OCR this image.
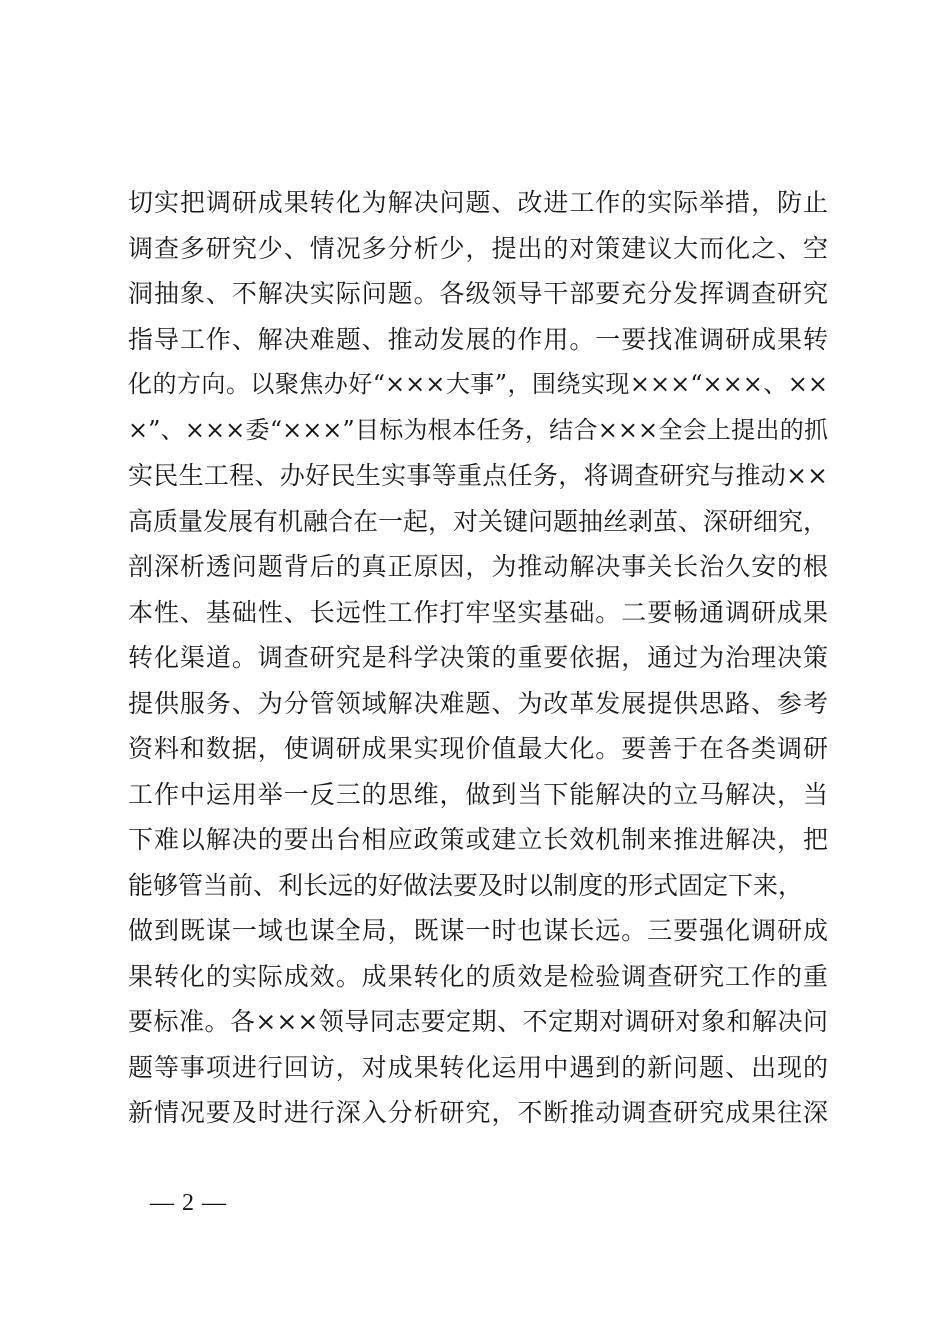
切实把调研成果转化为解决问题、改进工作的实际举措，防止
调查多研究少、情况多分析少，提出的对策建议大而化之、空
洞抽象、不解决实际问题。各级领导干部要充分发挥调查研究
指导工作、解决难题、推动发展的作用。一要找准调研成果转
化的方向。以聚焦办好“×××大事”，围绕实现×××“×××、××
×”、×××委“×××”目标为根本任务，结合×××全会上提出的抓
实民生工程、办好民生实事等重点任务，将调查研究与推动××
高质量发展有机融合在一起，对关键问题抽丝剥茧、深研细究，
剖深析透问题背后的真正原因，为推动解决事关长治久安的根
本性、基础性、长远性工作打牢坚实基础。二要畅通调研成果
转化渠道。调查研究是科学决策的重要依据，通过为治理决策
提供服务、为分管领域解决难题、为改革发展提供思路、参考
资料和数据，使调研成果实现价值最大化。要善于在各类调研
工作中运用举一反三的思维，做到当下能解决的立马解决，当
下难以解决的要出台相应政策或建立长效机制来推进解决，把
能够管当前、利长远的好做法要及时以制度的形式固定下来，
做到既谋一域也谋全局，既谋一时也谋长远。三要强化调研成
果转化的实际成效。成果转化的质效是检验调查研究工作的重
要标准。各×××领导同志要定期、不定期对调研对象和解决问
题等事项进行回访，对成果转化运用中遇到的新问题、出现的
新情况要及时进行深入分析研究，不断推动调查研究成果往深
— 2 —
